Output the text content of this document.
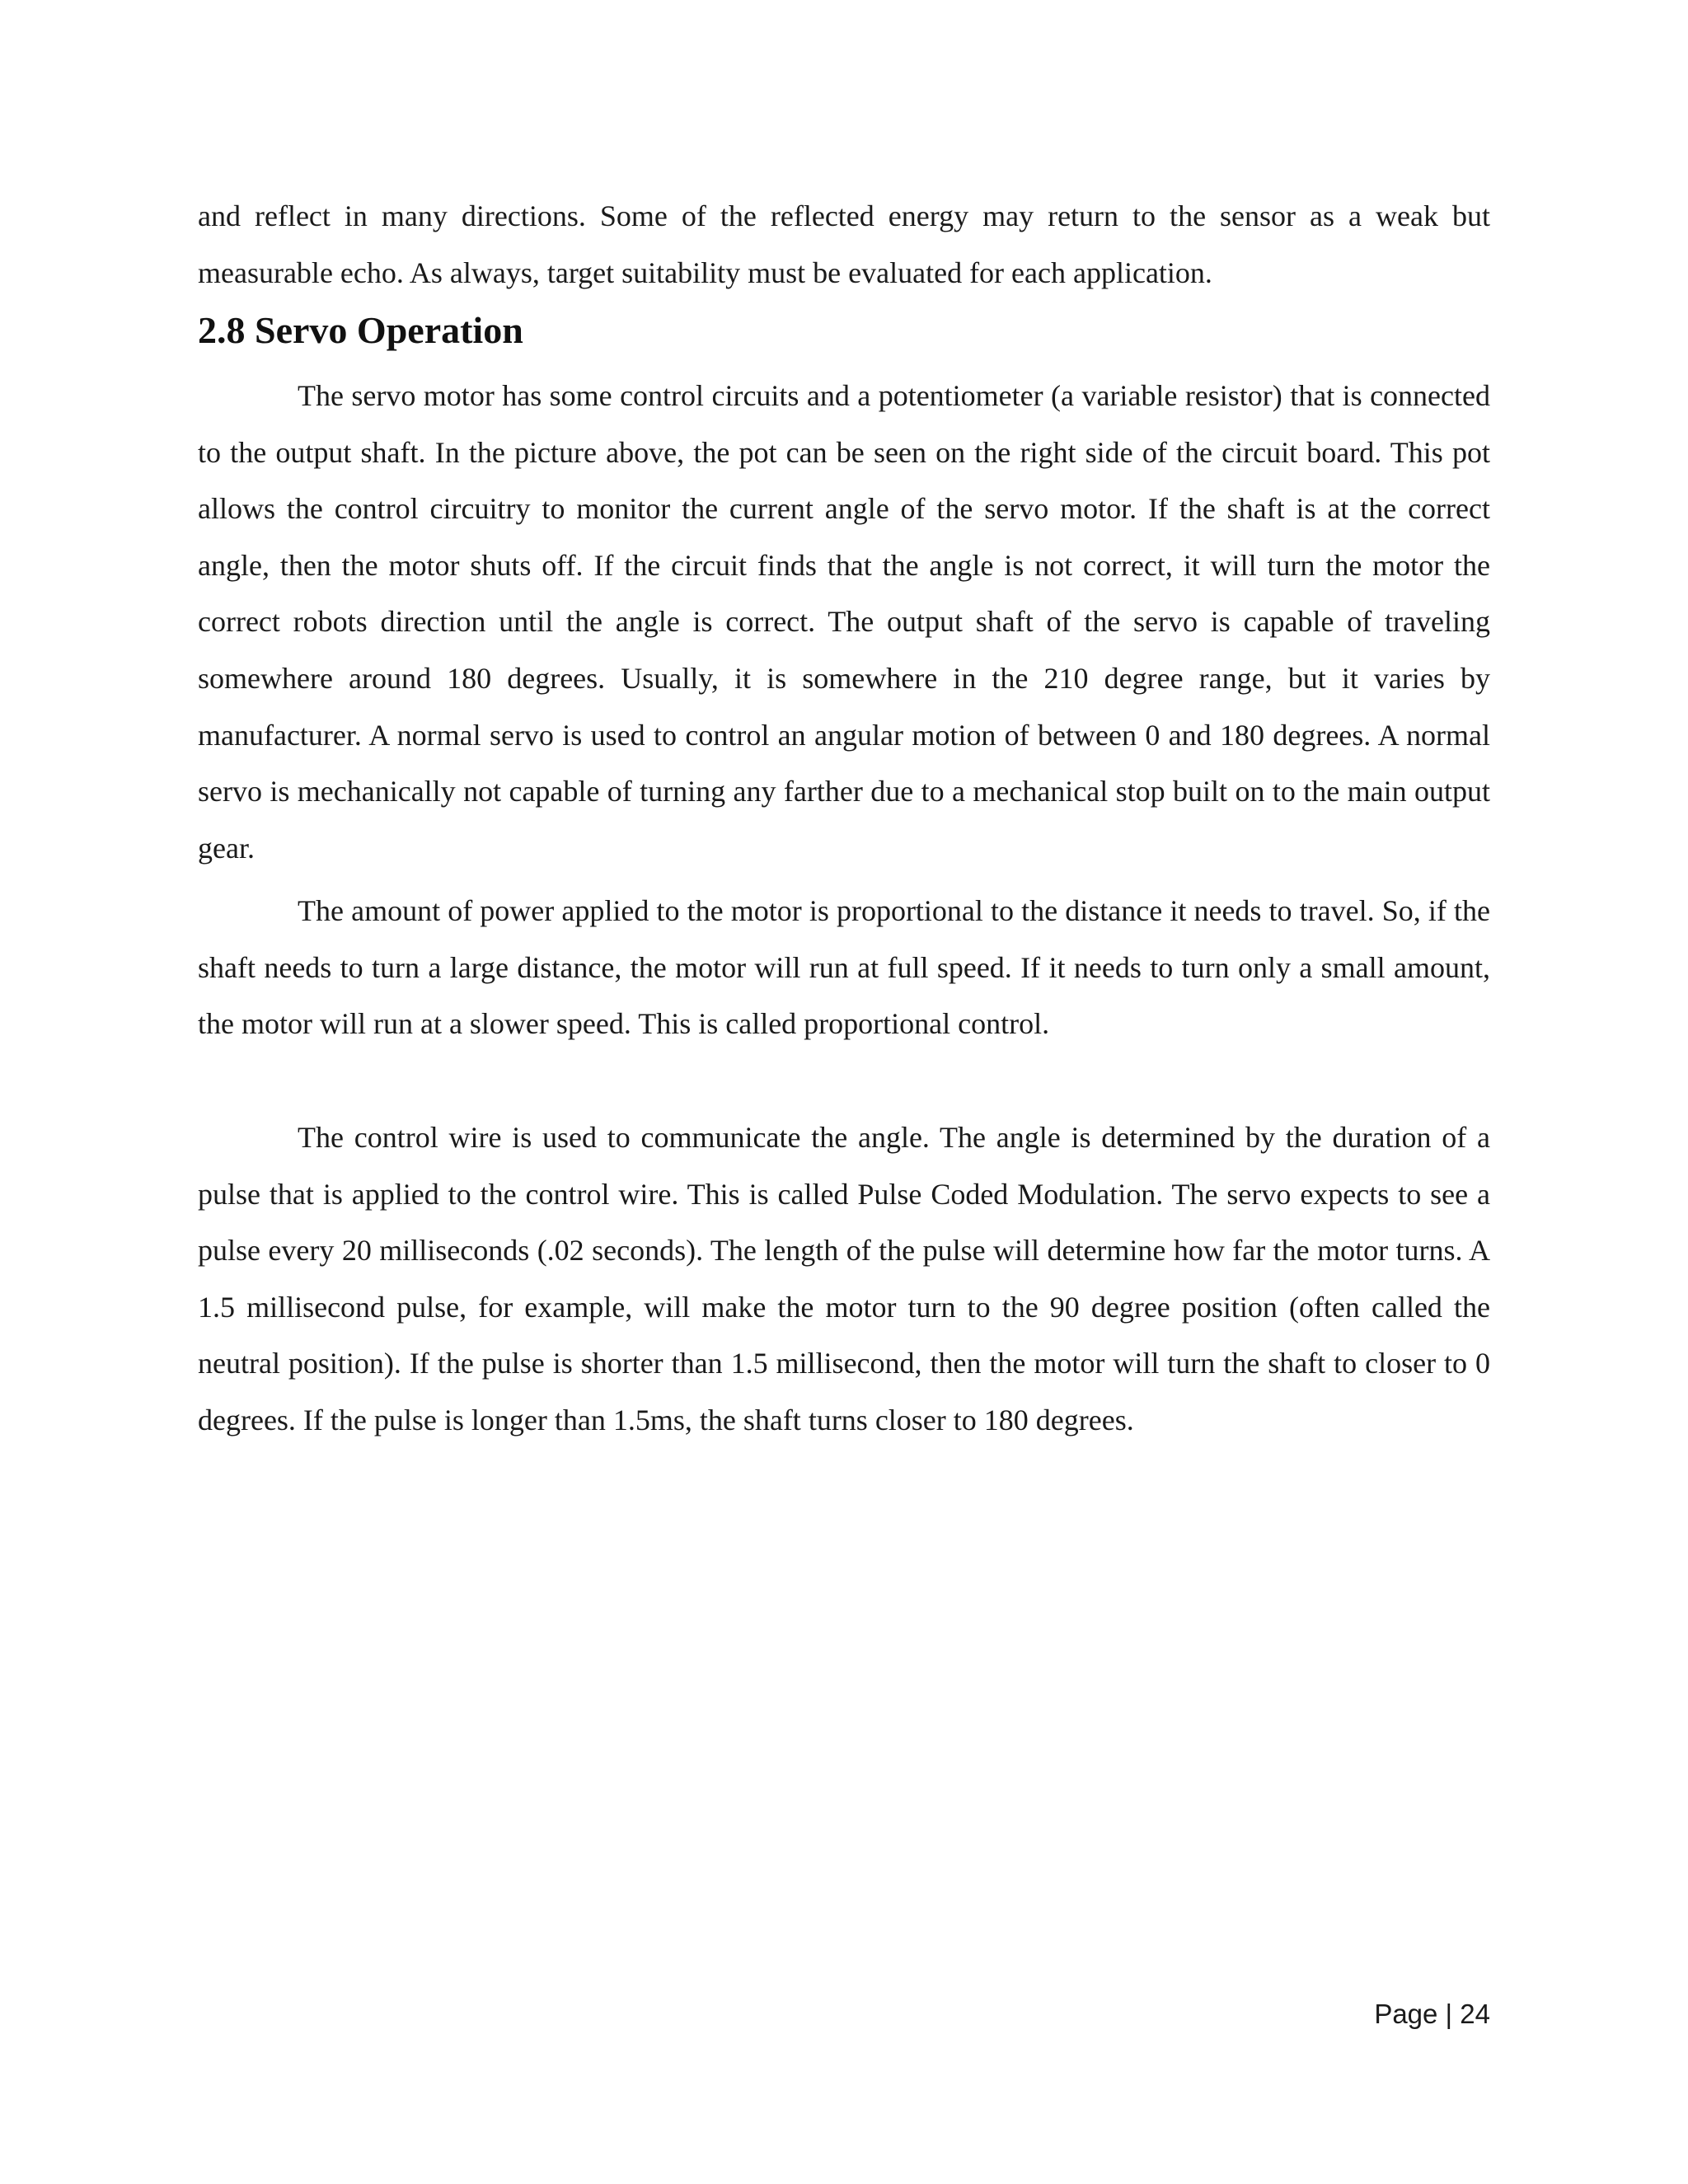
and reflect in many directions. Some of the reflected energy may return to the sensor as a weak but measurable echo. As always, target suitability must be evaluated for each application.

2.8 Servo Operation

The servo motor has some control circuits and a potentiometer (a variable resistor) that is connected to the output shaft. In the picture above, the pot can be seen on the right side of the circuit board. This pot allows the control circuitry to monitor the current angle of the servo motor. If the shaft is at the correct angle, then the motor shuts off. If the circuit finds that the angle is not correct, it will turn the motor the correct robots direction until the angle is correct. The output shaft of the servo is capable of traveling somewhere around 180 degrees. Usually, it is somewhere in the 210 degree range, but it varies by manufacturer. A normal servo is used to control an angular motion of between 0 and 180 degrees. A normal servo is mechanically not capable of turning any farther due to a mechanical stop built on to the main output gear.

The amount of power applied to the motor is proportional to the distance it needs to travel. So, if the shaft needs to turn a large distance, the motor will run at full speed. If it needs to turn only a small amount, the motor will run at a slower speed. This is called proportional control.

The control wire is used to communicate the angle. The angle is determined by the duration of a pulse that is applied to the control wire. This is called Pulse Coded Modulation. The servo expects to see a pulse every 20 milliseconds (.02 seconds). The length of the pulse will determine how far the motor turns. A 1.5 millisecond pulse, for example, will make the motor turn to the 90 degree position (often called the neutral position). If the pulse is shorter than 1.5 millisecond, then the motor will turn the shaft to closer to 0 degrees. If the pulse is longer than 1.5ms, the shaft turns closer to 180 degrees.

Page | 24
